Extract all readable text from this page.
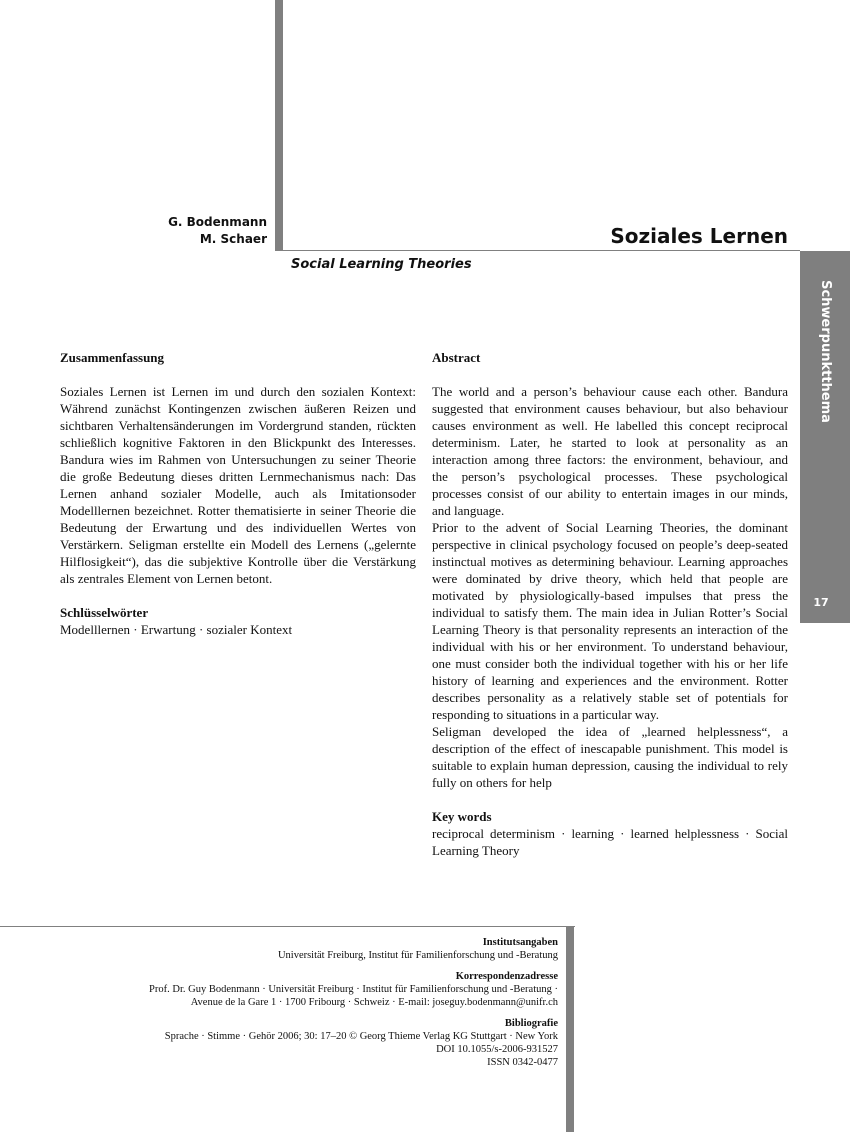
G. Bodenmann
M. Schaer	Soziales Lernen
Social Learning Theories
Schwerpunktthema
17
Zusammenfassung

Soziales Lernen ist Lernen im und durch den sozialen Kontext: Während zunächst Kontingenzen zwischen äußeren Reizen und sichtbaren Verhaltensänderungen im Vordergrund standen, rückten schließlich kognitive Faktoren in den Blickpunkt des Interesses. Bandura wies im Rahmen von Untersuchungen zu seiner Theorie die große Bedeutung dieses dritten Lernmechanismus nach: Das Lernen anhand sozialer Modelle, auch als Imitationsoder Modelllernen bezeichnet. Rotter thematisierte in seiner Theorie die Bedeutung der Erwartung und des individuellen Wertes von Verstärkern. Seligman erstellte ein Modell des Lernens („gelernte Hilflosigkeit“), das die subjektive Kontrolle über die Verstärkung als zentrales Element von Lernen betont.

Schlüsselwörter

Modelllernen · Erwartung · sozialer Kontext

Abstract

The world and a person’s behaviour cause each other. Bandura suggested that environment causes behaviour, but also behaviour causes environment as well. He labelled this concept reciprocal determinism. Later, he started to look at personality as an interaction among three factors: the environment, behaviour, and the person’s psychological processes. These psychological processes consist of our ability to entertain images in our minds, and language.

Prior to the advent of Social Learning Theories, the dominant perspective in clinical psychology focused on people’s deep-seated instinctual motives as determining behaviour. Learning approaches were dominated by drive theory, which held that people are motivated by physiologically-based impulses that press the individual to satisfy them. The main idea in Julian Rotter’s Social Learning Theory is that personality represents an interaction of the individual with his or her environment. To understand behaviour, one must consider both the individual together with his or her life history of learning and experiences and the environment. Rotter describes personality as a relatively stable set of potentials for responding to situations in a particular way.

Seligman developed the idea of „learned helplessness“, a description of the effect of inescapable punishment. This model is suitable to explain human depression, causing the individual to rely fully on others for help

Key words

reciprocal determinism · learning · learned helplessness · Social Learning Theory

Institutsangaben
Universität Freiburg, Institut für Familienforschung und -Beratung
Korrespondenzadresse
Prof. Dr. Guy Bodenmann · Universität Freiburg · Institut für Familienforschung und -Beratung ·
Avenue de la Gare 1 · 1700 Fribourg · Schweiz · E-mail: joseguy.bodenmann@unifr.ch
Bibliografie
Sprache · Stimme · Gehör 2006; 30: 17–20 © Georg Thieme Verlag KG Stuttgart · New York
DOI 10.1055/s-2006-931527
ISSN 0342-0477
